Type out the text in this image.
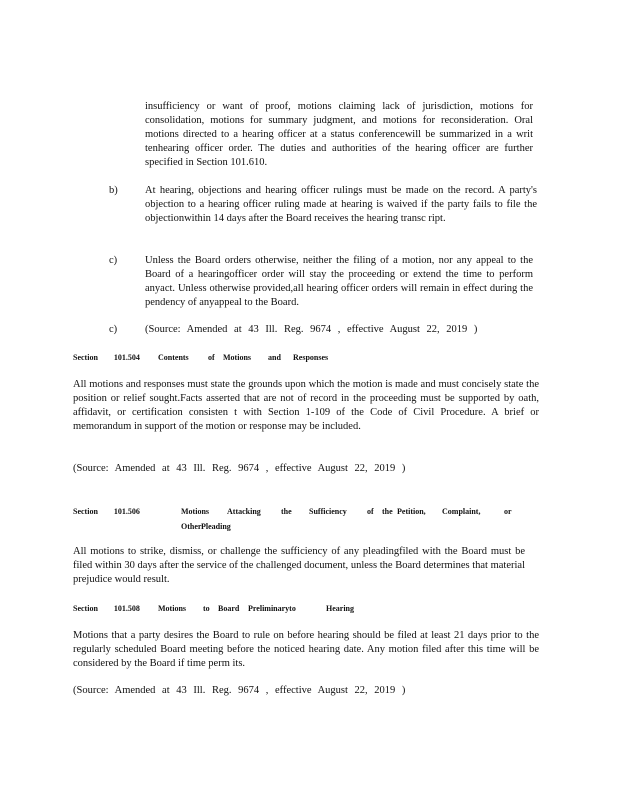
insufficiency or want of proof, motions claiming lack of jurisdiction, motions for consolidation, motions for summary judgment, and motions for reconsideration. Oral motions directed to a hearing officer at a status conferencewill be summarized in a writ tenhearing officer order. The duties and authorities of the hearing officer are further specified in Section 101.610.
b)	At hearing, objections and hearing officer rulings must be made on the record. A party's objection to a hearing officer ruling made at hearing is waived if the party fails to file the objectionwithin 14 days after the Board receives the hearing transc ript.
c)	Unless the Board orders otherwise, neither the filing of a motion, nor any appeal to the Board of a hearingofficer order will stay the proceeding or extend the time to perform anyact. Unless otherwise provided,all hearing officer orders will remain in effect during the pendency of anyappeal to the Board.
c)	(Source: Amended at 43 Ill. Reg. 9674 , effective August 22, 2019 )
Section 101.504	Contents	of	Motions	and	Responses
All motions and responses must state the grounds upon which the motion is made and must concisely state the position or relief sought.Facts asserted that are not of record in the proceeding must be supported by oath, affidavit, or certification consisten t with Section 1-109 of the Code of Civil Procedure. A brief or memorandum in support of the motion or response may be included.
(Source: Amended at 43 Ill. Reg. 9674 , effective August 22, 2019 )
Section 101.506	Motions	Attacking	the	Sufficiency	of	the Petition,	Complaint,	or
Other Pleading
All motions to strike, dismiss, or challenge the sufficiency of any pleadingfiled with the Board must be filed within 30 days after the service of the challenged document, unless the Board determines that material prejudice would result.
Section 101.508	Motions	to	Board	Preliminaryto	Hearing
Motions that a party desires the Board to rule on before hearing should be filed at least 21 days prior to the regularly scheduled Board meeting before the noticed hearing date. Any motion filed after this time will be considered by the Board if time perm its.
(Source: Amended at 43 Ill. Reg. 9674 , effective August 22, 2019 )
